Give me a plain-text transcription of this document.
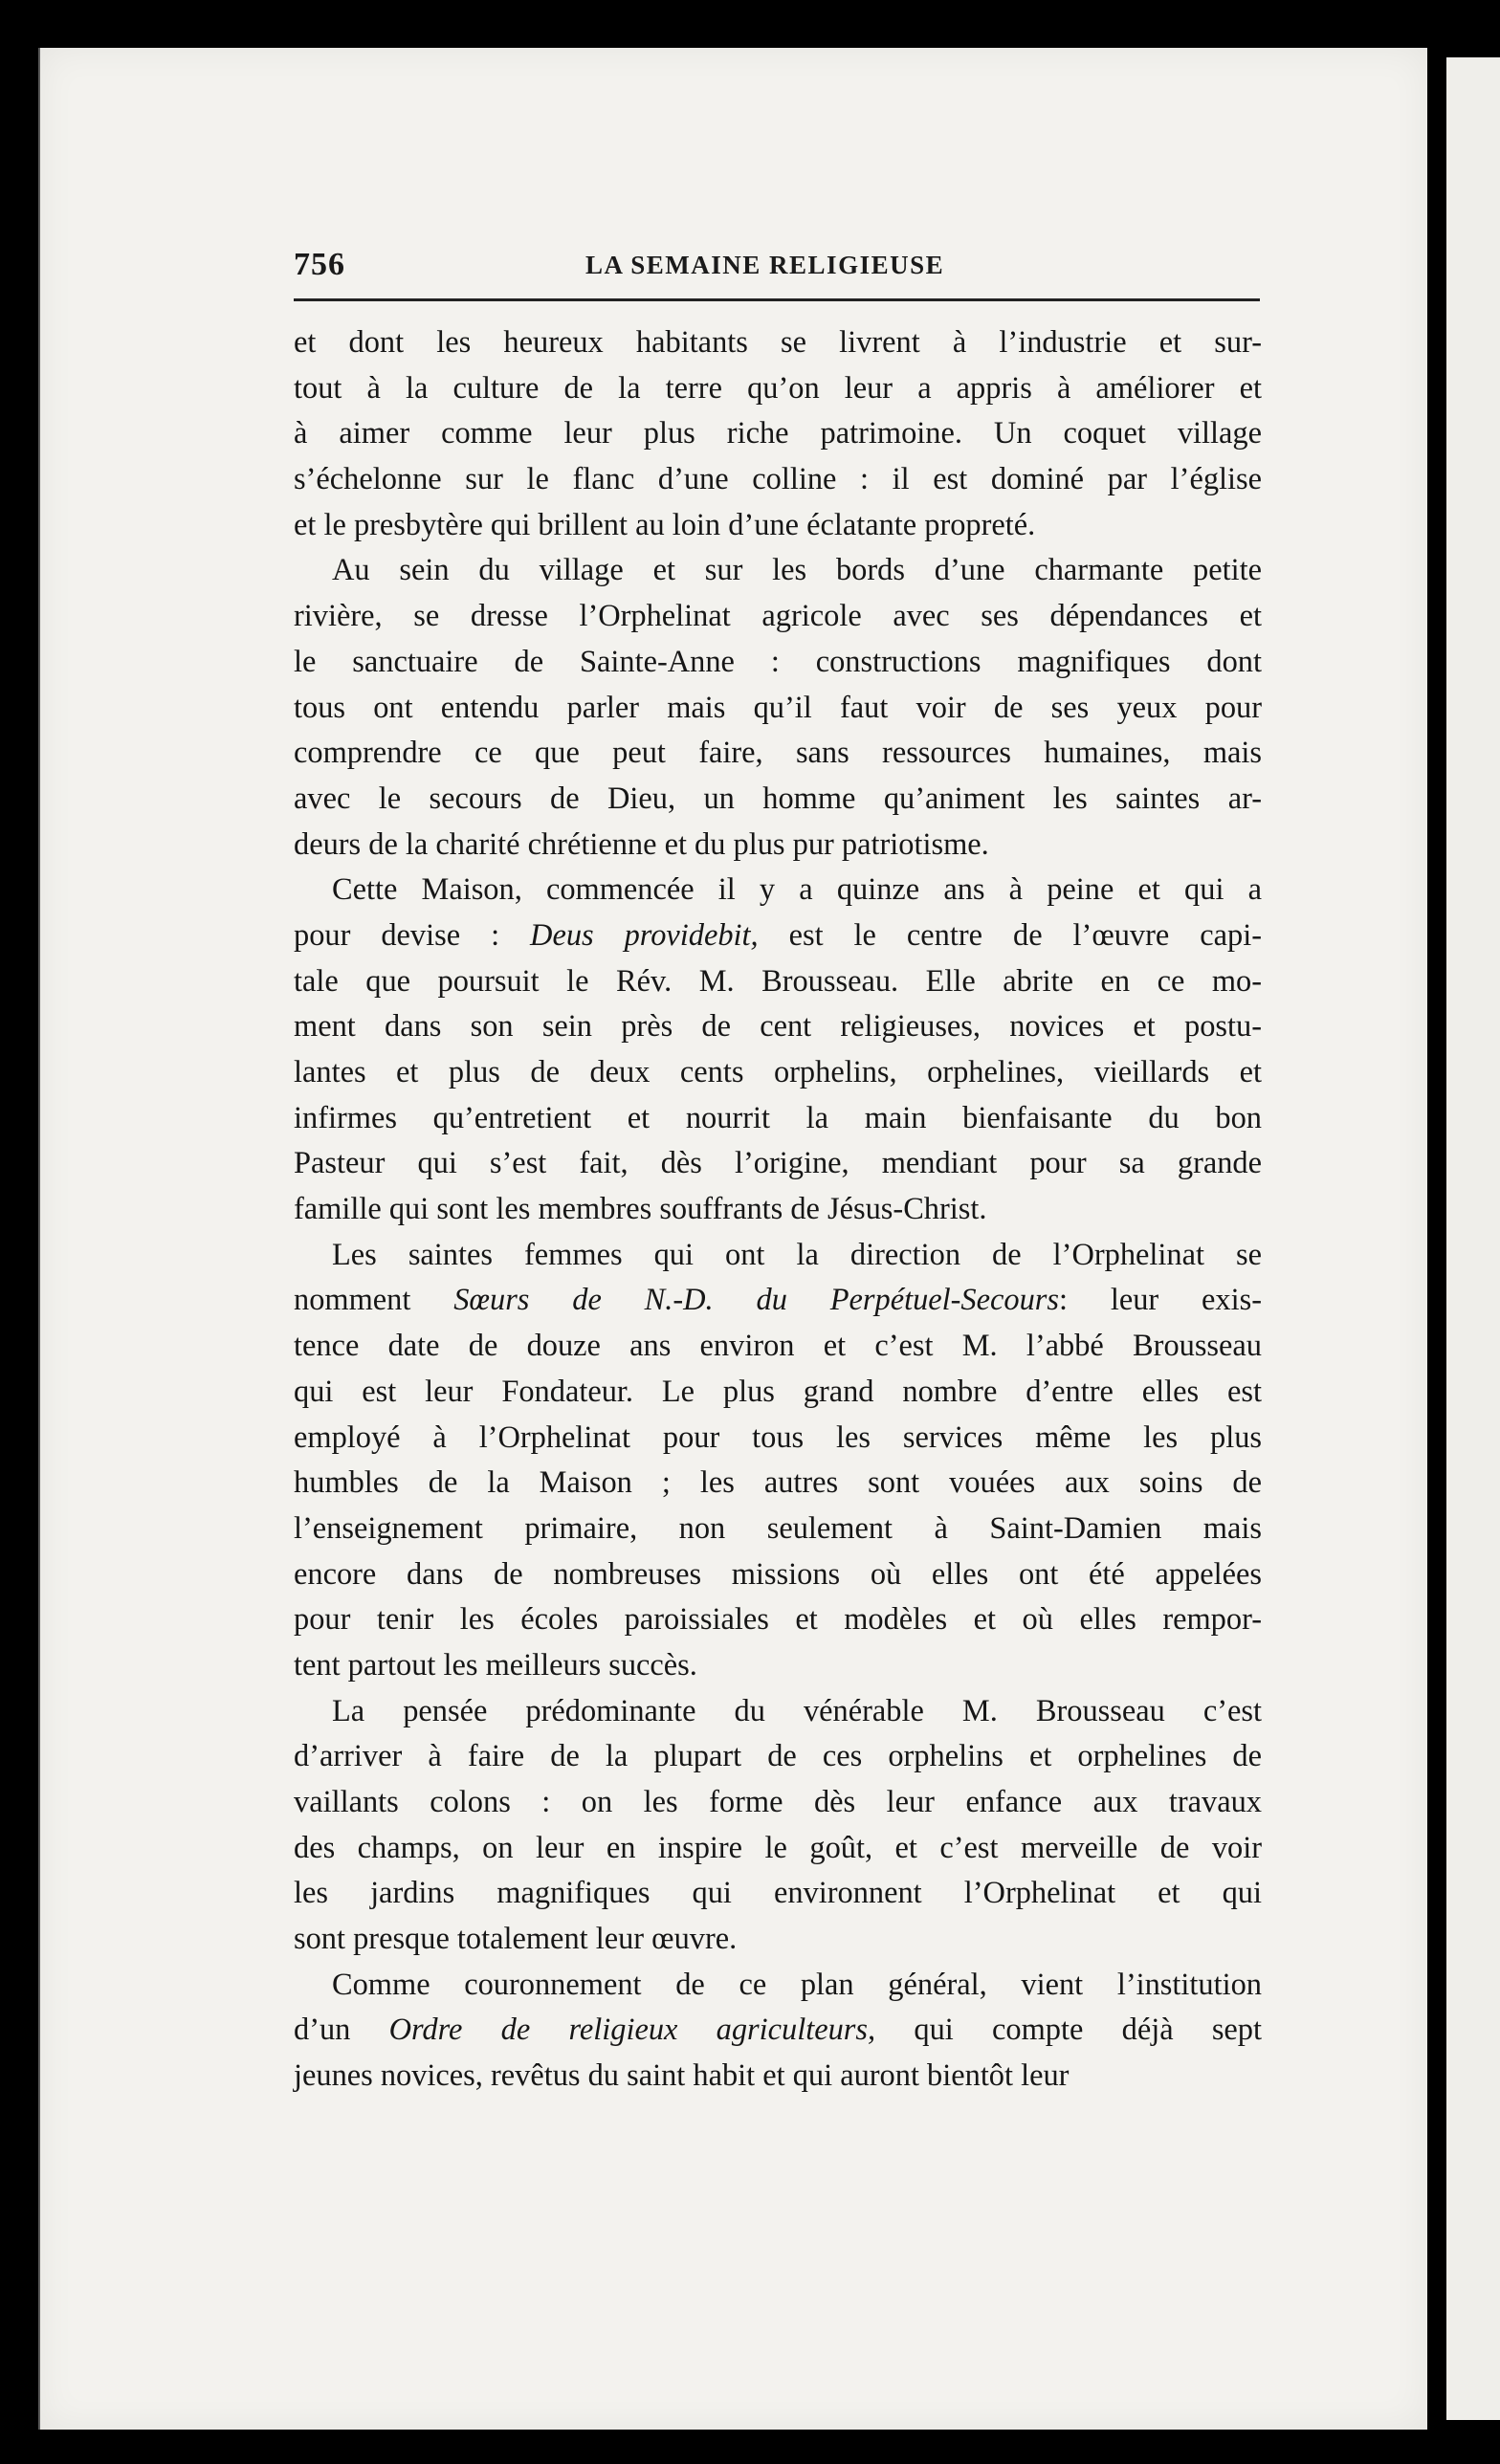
756	LA SEMAINE RELIGIEUSE
et dont les heureux habitants se livrent à l’industrie et sur-
tout à la culture de la terre qu’on leur a appris à améliorer et
à aimer comme leur plus riche patrimoine. Un coquet village
s’échelonne sur le flanc d’une colline : il est dominé par l’église
et le presbytère qui brillent au loin d’une éclatante propreté.
Au sein du village et sur les bords d’une charmante petite
rivière, se dresse l’Orphelinat agricole avec ses dépendances et
le sanctuaire de Sainte-Anne : constructions magnifiques dont
tous ont entendu parler mais qu’il faut voir de ses yeux pour
comprendre ce que peut faire, sans ressources humaines, mais
avec le secours de Dieu, un homme qu’animent les saintes ar-
deurs de la charité chrétienne et du plus pur patriotisme.
Cette Maison, commencée il y a quinze ans à peine et qui a
pour devise : Deus providebit, est le centre de l’œuvre capi-
tale que poursuit le Rév. M. Brousseau. Elle abrite en ce mo-
ment dans son sein près de cent religieuses, novices et postu-
lantes et plus de deux cents orphelins, orphelines, vieillards et
infirmes qu’entretient et nourrit la main bienfaisante du bon
Pasteur qui s’est fait, dès l’origine, mendiant pour sa grande
famille qui sont les membres souffrants de Jésus-Christ.
Les saintes femmes qui ont la direction de l’Orphelinat se
nomment Sœurs de N.-D. du Perpétuel-Secours: leur exis-
tence date de douze ans environ et c’est M. l’abbé Brousseau
qui est leur Fondateur. Le plus grand nombre d’entre elles est
employé à l’Orphelinat pour tous les services même les plus
humbles de la Maison ; les autres sont vouées aux soins de
l’enseignement primaire, non seulement à Saint-Damien mais
encore dans de nombreuses missions où elles ont été appelées
pour tenir les écoles paroissiales et modèles et où elles rempor-
tent partout les meilleurs succès.
La pensée prédominante du vénérable M. Brousseau c’est
d’arriver à faire de la plupart de ces orphelins et orphelines de
vaillants colons : on les forme dès leur enfance aux travaux
des champs, on leur en inspire le goût, et c’est merveille de voir
les jardins magnifiques qui environnent l’Orphelinat et qui
sont presque totalement leur œuvre.
Comme couronnement de ce plan général, vient l’institution
d’un Ordre de religieux agriculteurs, qui compte déjà sept
jeunes novices, revêtus du saint habit et qui auront bientôt leur
